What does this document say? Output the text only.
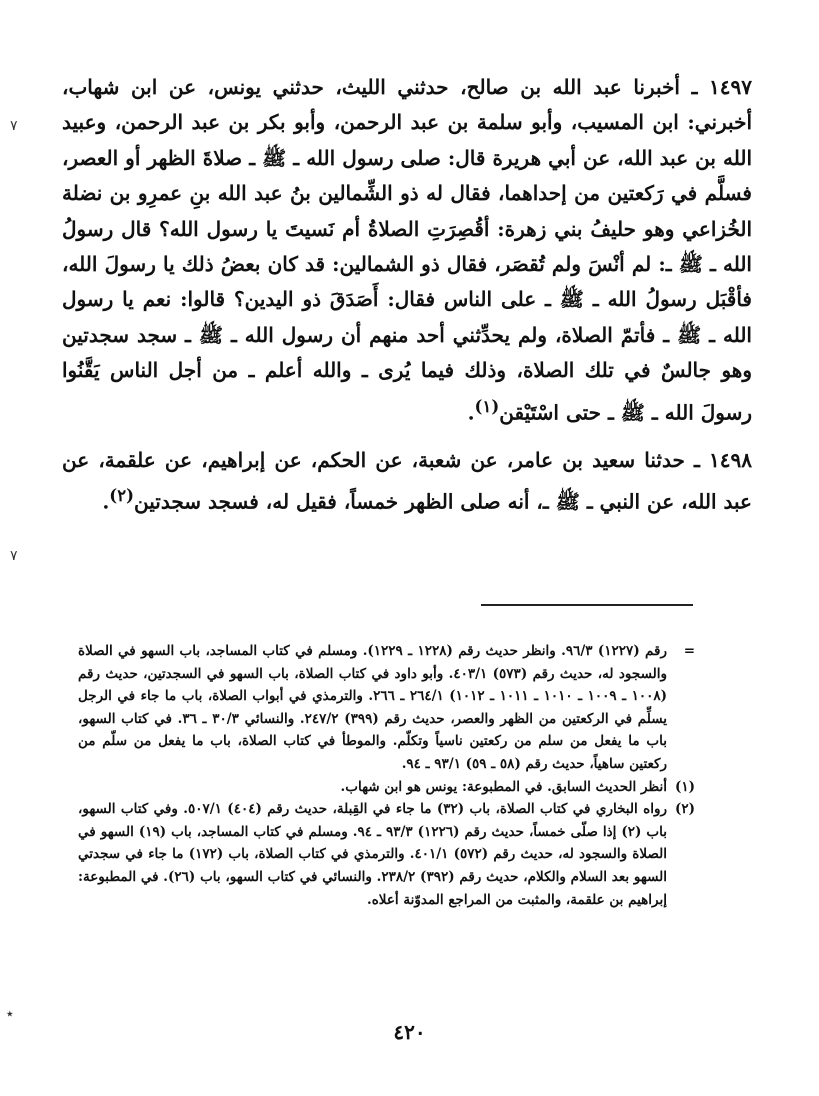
١٤٩٧ ـ أخبرنا عبد الله بن صالح، حدثني الليث، حدثني يونس، عن ابن شهاب، أخبرني: ابن المسيب، وأبو سلمة بن عبد الرحمن، وأبو بكر بن عبد الرحمن، وعبيد الله بن عبد الله، عن أبي هريرة قال: صلى رسول الله ـ ﷺ ـ صلاةَ الظهر أو العصر، فسلَّم في رَكعتين من إحداهما، فقال له ذو الشِّمالين بنُ عبد الله بنِ عمرِو بن نضلة الخُزاعي وهو حليفُ بني زهرة: أقُصِرَتِ الصلاةُ أم نَسيتَ يا رسول الله؟ قال رسولُ الله ـ ﷺ ـ: لم أنْسَ ولم تُقصَر، فقال ذو الشمالين: قد كان بعضُ ذلك يا رسولَ الله، فأقْبَل رسولُ الله ـ ﷺ ـ على الناس فقال: أَصَدَقَ ذو اليدين؟ قالوا: نعم يا رسول الله ـ ﷺ ـ فأتمّ الصلاة، ولم يحدِّثني أحد منهم أن رسول الله ـ ﷺ ـ سجد سجدتين وهو جالسٌ في تلك الصلاة، وذلك فيما يُرى ـ والله أعلم ـ من أجل الناس يَقَّنُوا رسولَ الله ـ ﷺ ـ حتى اسْتَيْقن$^{(١)}$.

١٤٩٨ ـ حدثنا سعيد بن عامر، عن شعبة، عن الحكم، عن إبراهيم، عن علقمة، عن عبد الله، عن النبي ـ ﷺ ـ، أنه صلى الظهر خمساً، فقيل له، فسجد سجدتين$^{(٢)}$.

=
رقم (١٢٢٧) ٩٦/٣. وانظر حديث رقم (١٢٢٨ ـ ١٢٢٩). ومسلم في كتاب المساجد، باب السهو في الصلاة والسجود له، حديث رقم (٥٧٣) ٤٠٣/١. وأبو داود في كتاب الصلاة، باب السهو في السجدتين، حديث رقم (١٠٠٨ ـ ١٠٠٩ ـ ١٠١٠ ـ ١٠١١ ـ ١٠١٢) ٢٦٤/١ ـ ٢٦٦. والترمذي في أبواب الصلاة، باب ما جاء في الرجل يسلِّم في الركعتين من الظهر والعصر، حديث رقم (٣٩٩) ٢٤٧/٢. والنسائي ٣٠/٣ ـ ٣٦. في كتاب السهو، باب ما يفعل من سلم من ركعتين ناسياً وتكلّم. والموطأ في كتاب الصلاة، باب ما يفعل من سلّم من ركعتين ساهياً، حديث رقم (٥٨ ـ ٥٩) ٩٣/١ ـ ٩٤.
(١)
أنظر الحديث السابق. في المطبوعة: يونس هو ابن شهاب.
(٢)
رواه البخاري في كتاب الصلاة، باب (٣٢) ما جاء في القِبلة، حديث رقم (٤٠٤) ٥٠٧/١. وفي كتاب السهو، باب (٢) إذا صلّى خمساً، حديث رقم (١٢٢٦) ٩٣/٣ ـ ٩٤. ومسلم في كتاب المساجد، باب (١٩) السهو في الصلاة والسجود له، حديث رقم (٥٧٢) ٤٠١/١. والترمذي في كتاب الصلاة، باب (١٧٢) ما جاء في سجدتي السهو بعد السلام والكلام، حديث رقم (٣٩٢) ٢٣٨/٢. والنسائي في كتاب السهو، باب (٢٦). في المطبوعة: إبراهيم بن علقمة، والمثبت من المراجع المدوّنة أعلاه.
٤٢٠
٧
٧
٭
